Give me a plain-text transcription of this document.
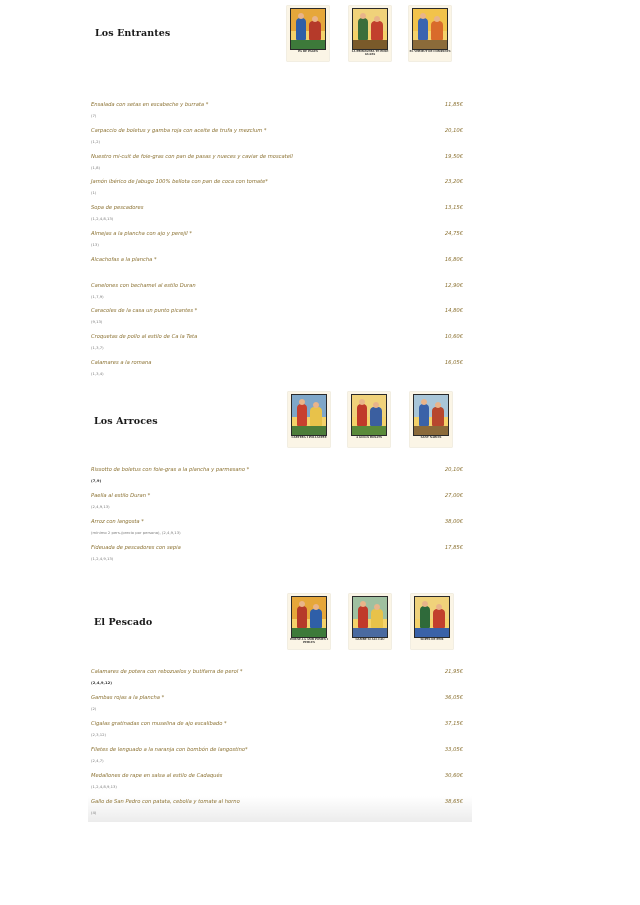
Los Entrantes
PA DE PAGES	LA PRIMAVERA TE POSE GUAPA
EL VERMUT DE COMPANYS
Ensalada con setas en escabeche y burrata *
(7)
11,85€
Carpaccio de boletus y gamba roja con aceite de trufa y mezclum *
(1,2)
20,10€
Nuestro mi-cuit de foie-gras con pan de pasas y nueces y caviar de moscatell
(1,8)
19,50€
Jamón ibérico de Jabugo 100% bellota con pan de coca con tomate*
(1)
23,20€
Sopa de pescadores
(1,2,4,8,13)
13,15€
Almejas a la plancha con ajo y perejil *
(13)
24,75€
Alcachofas a la plancha *	16,80€
Canelones con bechamel al estilo Duran
(1,7,9)
12,90€
Caracoles de la casa un punto picantes *
(9,13)
14,80€
Croquetas de pollo al estilo de Ca la Teta
(1,3,7)
10,60€
Calamares a la romana
(1,3,4)
16,05€
Los Arroces
CARTERA I POLLASTRE	A GOLLS ROSATS	SANT NARCIS
Rissotto de boletus con foie-gras a la plancha y parmesano *
(7,9)
20,10€
Paella al estilo Duran *
(2,4,9,13)
27,00€
Arroz con langosta *
(mínimo 2 pers./precio por persona), (2,4,9,13)
38,00€
Fideuada de pescadores con sepia
(1,2,4,9,13)
17,85€
El Pescado
HOUSE-LA AMB POMES I PEBLES
GAMBE SI ALL CAU	SOPES DE PEIX
Calamares de potera con rebozuelos y butifarra de perol *
(2,4,9,12)
21,95€
Gambas rojas a la plancha *
(2)
36,05€
Cigalas gratinadas con muselina de ajo escalibado *
(2,3,12)
37,15€
Filetes de lenguado a la naranja con bombón de langostino*
(2,4,7)
33,05€
Medallones de rape en salsa al estilo de Cadaqués
(1,2,4,8,9,13)
30,60€
Gallo de San Pedro con patata, cebolla y tomate al horno
(4)
38,65€
